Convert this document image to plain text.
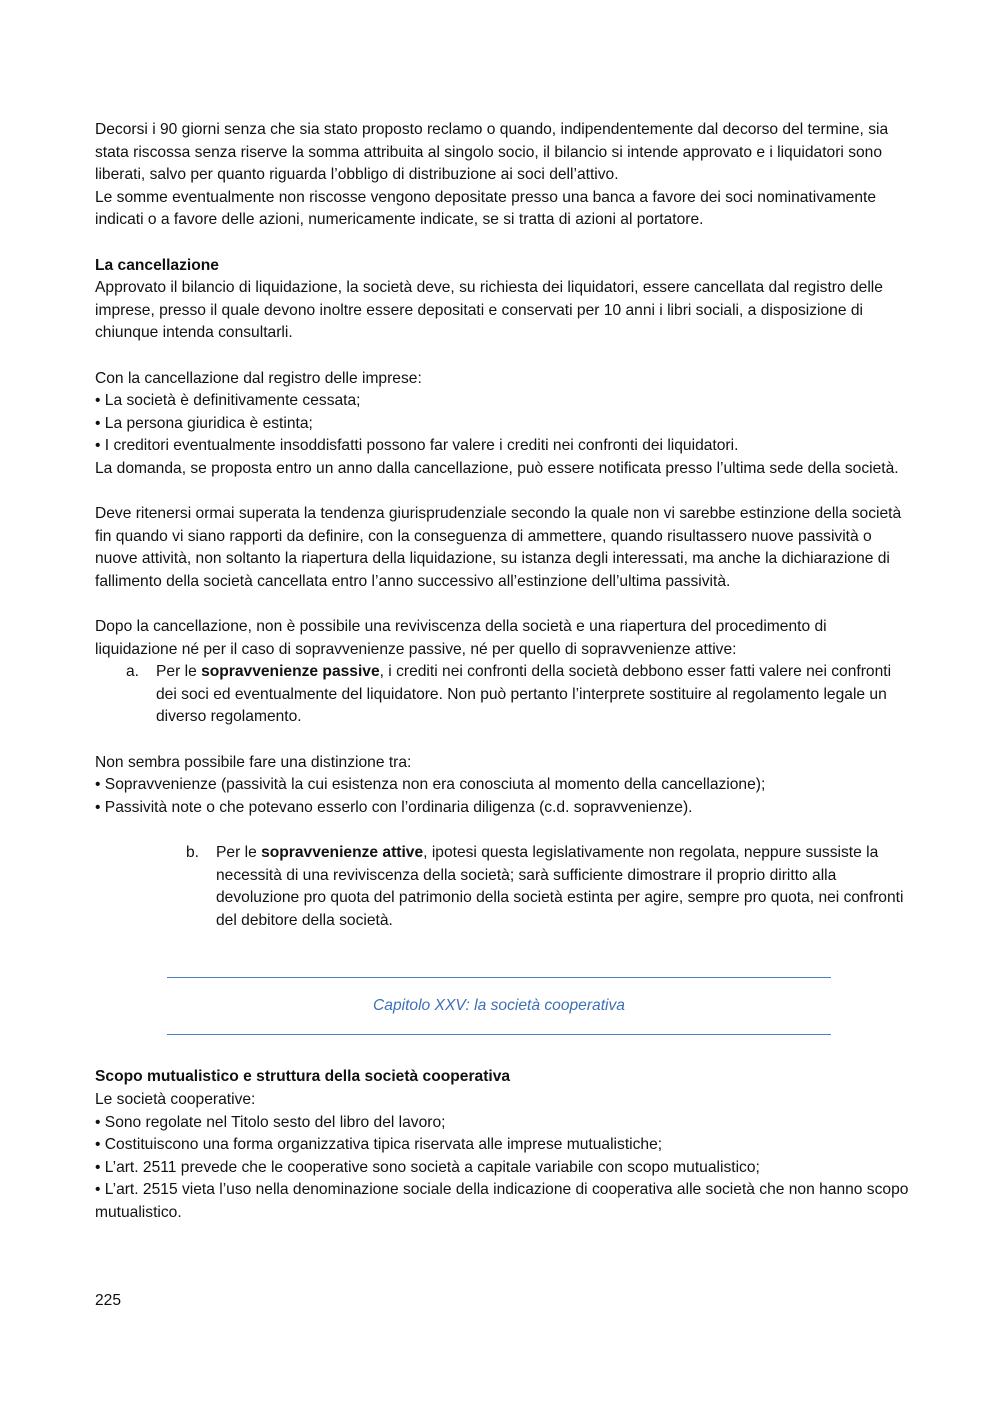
Decorsi i 90 giorni senza che sia stato proposto reclamo o quando, indipendentemente dal decorso del termine, sia stata riscossa senza riserve la somma attribuita al singolo socio, il bilancio si intende approvato e i liquidatori sono liberati, salvo per quanto riguarda l’obbligo di distribuzione ai soci dell’attivo.

Le somme eventualmente non riscosse vengono depositate presso una banca a favore dei soci nominativamente indicati o a favore delle azioni, numericamente indicate, se si tratta di azioni al portatore.

La cancellazione

Approvato il bilancio di liquidazione, la società deve, su richiesta dei liquidatori, essere cancellata dal registro delle imprese, presso il quale devono inoltre essere depositati e conservati per 10 anni i libri sociali, a disposizione di chiunque intenda consultarli.

Con la cancellazione dal registro delle imprese:

• La società è definitivamente cessata;
• La persona giuridica è estinta;
• I creditori eventualmente insoddisfatti possono far valere i crediti nei confronti dei liquidatori.

La domanda, se proposta entro un anno dalla cancellazione, può essere notificata presso l’ultima sede della società.

Deve ritenersi ormai superata la tendenza giurisprudenziale secondo la quale non vi sarebbe estinzione della società fin quando vi siano rapporti da definire, con la conseguenza di ammettere, quando risultassero nuove passività o nuove attività, non soltanto la riapertura della liquidazione, su istanza degli interessati, ma anche la dichiarazione di fallimento della società cancellata entro l’anno successivo all’estinzione dell’ultima passività.

Dopo la cancellazione, non è possibile una reviviscenza della società e una riapertura del procedimento di liquidazione né per il caso di sopravvenienze passive, né per quello di sopravvenienze attive:

a. Per le sopravvenienze passive, i crediti nei confronti della società debbono esser fatti valere nei confronti dei soci ed eventualmente del liquidatore. Non può pertanto l’interprete sostituire al regolamento legale un diverso regolamento.

Non sembra possibile fare una distinzione tra:

• Sopravvenienze (passività la cui esistenza non era conosciuta al momento della cancellazione);
• Passività note o che potevano esserlo con l’ordinaria diligenza (c.d. sopravvenienze).
b. Per le sopravvenienze attive, ipotesi questa legislativamente non regolata, neppure sussiste la necessità di una reviviscenza della società; sarà sufficiente dimostrare il proprio diritto alla devoluzione pro quota del patrimonio della società estinta per agire, sempre pro quota, nei confronti del debitore della società.
Capitolo XXV: la società cooperativa

Scopo mutualistico e struttura della società cooperativa

Le società cooperative:

• Sono regolate nel Titolo sesto del libro del lavoro;
• Costituiscono una forma organizzativa tipica riservata alle imprese mutualistiche;
• L’art. 2511 prevede che le cooperative sono società a capitale variabile con scopo mutualistico;
• L’art. 2515 vieta l’uso nella denominazione sociale della indicazione di cooperativa alle società che non hanno scopo mutualistico.
225
